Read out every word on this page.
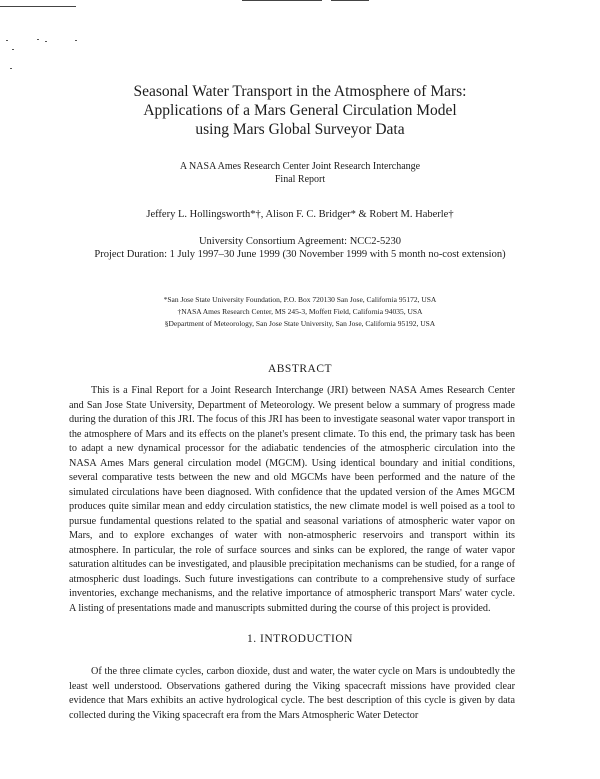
Seasonal Water Transport in the Atmosphere of Mars:
Applications of a Mars General Circulation Model
using Mars Global Surveyor Data
A NASA Ames Research Center Joint Research Interchange
Final Report
Jeffery L. Hollingsworth*†, Alison F. C. Bridger* & Robert M. Haberle†
University Consortium Agreement: NCC2-5230
Project Duration: 1 July 1997–30 June 1999 (30 November 1999 with 5 month no-cost extension)
*San Jose State University Foundation, P.O. Box 720130 San Jose, California 95172, USA
†NASA Ames Research Center, MS 245-3, Moffett Field, California 94035, USA
§Department of Meteorology, San Jose State University, San Jose, California 95192, USA
ABSTRACT

This is a Final Report for a Joint Research Interchange (JRI) between NASA Ames Research Center and San Jose State University, Department of Meteorology. We present below a summary of progress made during the duration of this JRI. The focus of this JRI has been to investigate seasonal water vapor transport in the atmosphere of Mars and its effects on the planet's present climate. To this end, the primary task has been to adapt a new dynamical processor for the adiabatic tendencies of the atmospheric circulation into the NASA Ames Mars general circulation model (MGCM). Using identical boundary and initial conditions, several comparative tests between the new and old MGCMs have been performed and the nature of the simulated circulations have been diagnosed. With confidence that the updated version of the Ames MGCM produces quite similar mean and eddy circulation statistics, the new climate model is well poised as a tool to pursue fundamental questions related to the spatial and seasonal variations of atmospheric water vapor on Mars, and to explore exchanges of water with non-atmospheric reservoirs and transport within its atmosphere. In particular, the role of surface sources and sinks can be explored, the range of water vapor saturation altitudes can be investigated, and plausible precipitation mechanisms can be studied, for a range of atmospheric dust loadings. Such future investigations can contribute to a comprehensive study of surface inventories, exchange mechanisms, and the relative importance of atmospheric transport Mars' water cycle. A listing of presentations made and manuscripts submitted during the course of this project is provided.

1. INTRODUCTION

Of the three climate cycles, carbon dioxide, dust and water, the water cycle on Mars is undoubtedly the least well understood. Observations gathered during the Viking spacecraft missions have provided clear evidence that Mars exhibits an active hydrological cycle. The best description of this cycle is given by data collected during the Viking spacecraft era from the Mars Atmospheric Water Detector
